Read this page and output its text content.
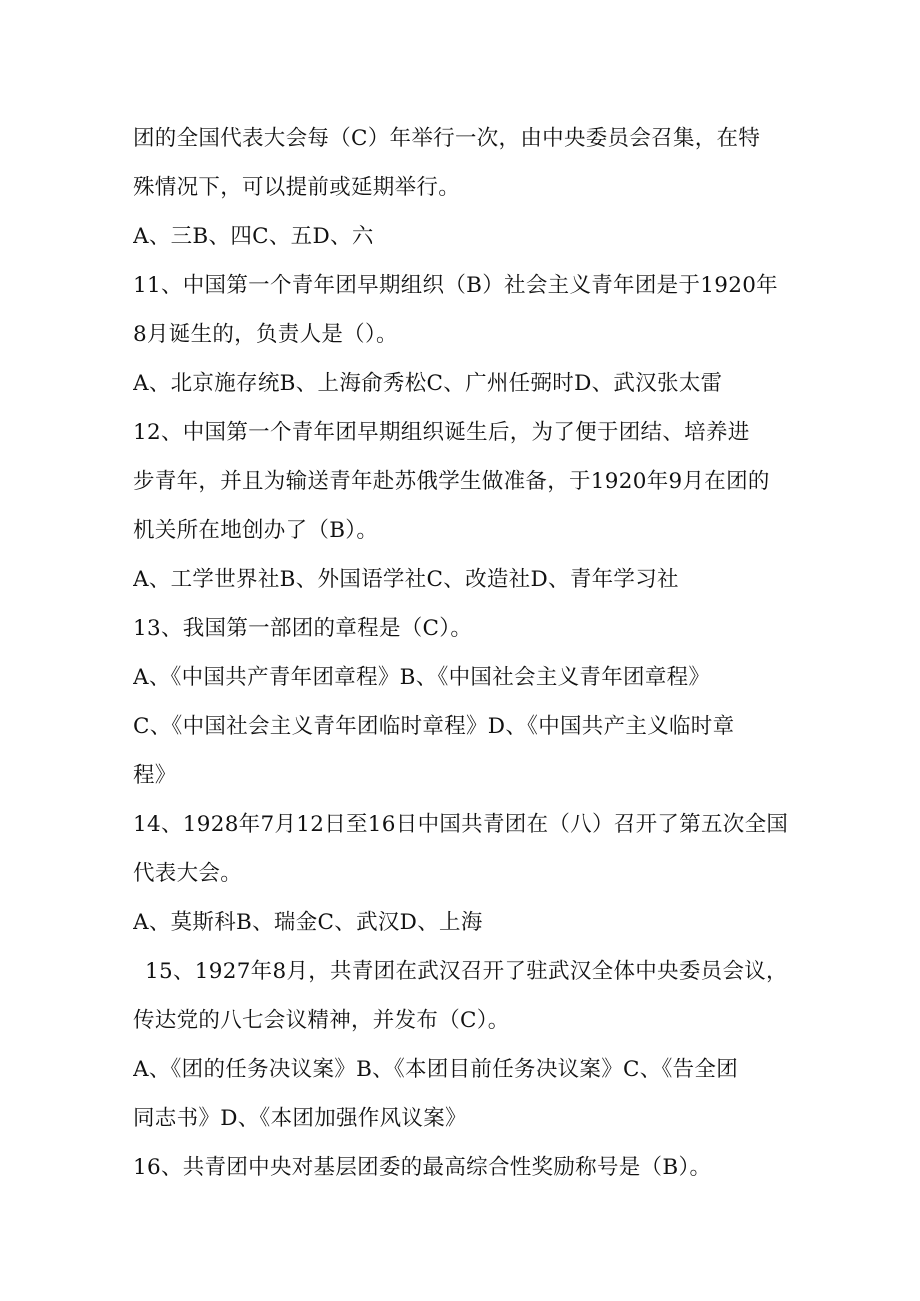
团的全国代表大会每（C）年举行一次，由中央委员会召集，在特
殊情况下，可以提前或延期举行。
A、三B、四C、五D、六
11、中国第一个青年团早期组织（B）社会主义青年团是于1920年
8月诞生的，负责人是（）。
A、北京施存统B、上海俞秀松C、广州任弼时D、武汉张太雷
12、中国第一个青年团早期组织诞生后，为了便于团结、培养进
步青年，并且为输送青年赴苏俄学生做准备，于1920年9月在团的
机关所在地创办了（B）。
A、工学世界社B、外国语学社C、改造社D、青年学习社
13、我国第一部团的章程是（C）。
A、《中国共产青年团章程》B、《中国社会主义青年团章程》
C、《中国社会主义青年团临时章程》D、《中国共产主义临时章
程》
14、1928年7月12日至16日中国共青团在（八）召开了第五次全国
代表大会。
A、莫斯科B、瑞金C、武汉D、上海
15、1927年8月，共青团在武汉召开了驻武汉全体中央委员会议，
传达党的八七会议精神，并发布（C）。
A、《团的任务决议案》B、《本团目前任务决议案》C、《告全团
同志书》D、《本团加强作风议案》
16、共青团中央对基层团委的最高综合性奖励称号是（B）。
